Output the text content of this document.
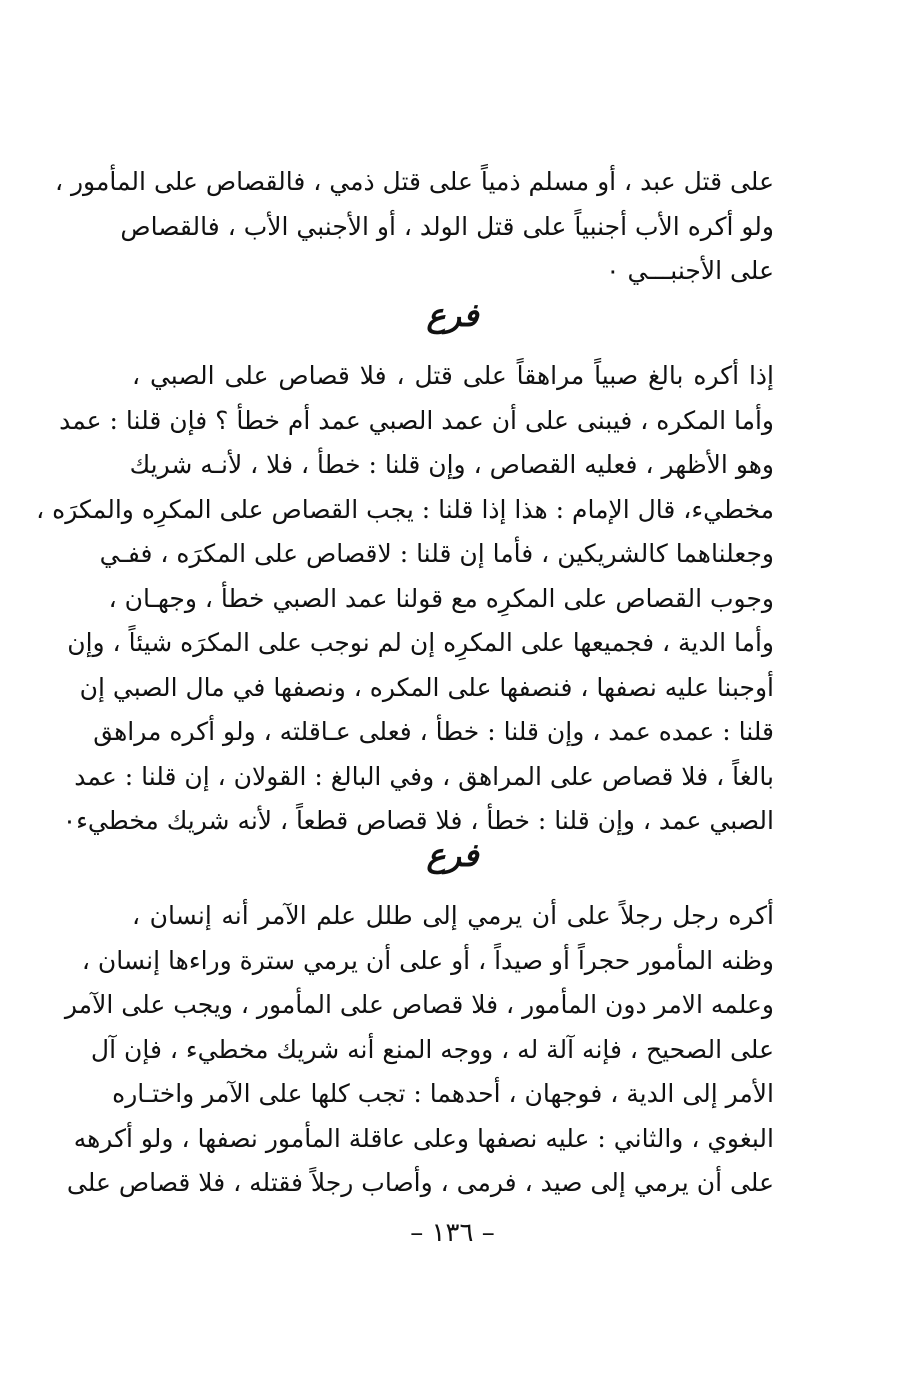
على قتل عبد ، أو مسلم ذمياً على قتل ذمي ، فالقصاص على المأمور ،
ولو أكره الأب أجنبياً على قتل الولد ، أو الأجنبي الأب ، فالقصاص
على الأجنبـــي ٠
فرع
إذا أكره بالغ صبياً مراهقاً على قتل ، فلا قصاص على الصبي ،
وأما المكره ، فيبنى على أن عمد الصبي عمد أم خطأ ؟ فإن قلنا : عمد
وهو الأظهر ، فعليه القصاص ، وإن قلنا : خطأ ، فلا ، لأنـه شريك
مخطيء، قال الإمام : هذا إذا قلنا : يجب القصاص على المكرِه والمكرَه ،
وجعلناهما كالشريكين ، فأما إن قلنا : لاقصاص على المكرَه ، ففـي
وجوب القصاص على المكرِه مع قولنا عمد الصبي خطأ ، وجهـان ،
وأما الدية ، فجميعها على المكرِه إن لم نوجب على المكرَه شيئاً ، وإن
أوجبنا عليه نصفها ، فنصفها على المكره ، ونصفها في مال الصبي إن
قلنا : عمده عمد ، وإن قلنا : خطأ ، فعلى عـاقلته ، ولو أكره مراهق
بالغاً ، فلا قصاص على المراهق ، وفي البالغ : القولان ، إن قلنا : عمد
الصبي عمد ، وإن قلنا : خطأ ، فلا قصاص قطعاً ، لأنه شريك مخطيء٠
فرع
أكره رجل رجلاً على أن يرمي إلى طلل علم الآمر أنه إنسان ،
وظنه المأمور حجراً أو صيداً ، أو على أن يرمي سترة وراءها إنسان ،
وعلمه الامر دون المأمور ، فلا قصاص على المأمور ، ويجب على الآمر
على الصحيح ، فإنه آلة له ، ووجه المنع أنه شريك مخطيء ، فإن آل
الأمر إلى الدية ، فوجهان ، أحدهما : تجب كلها على الآمر واختـاره
البغوي ، والثاني : عليه نصفها وعلى عاقلة المأمور نصفها ، ولو أكرهه
على أن يرمي إلى صيد ، فرمى ، وأصاب رجلاً فقتله ، فلا قصاص على
– ١٣٦ –
